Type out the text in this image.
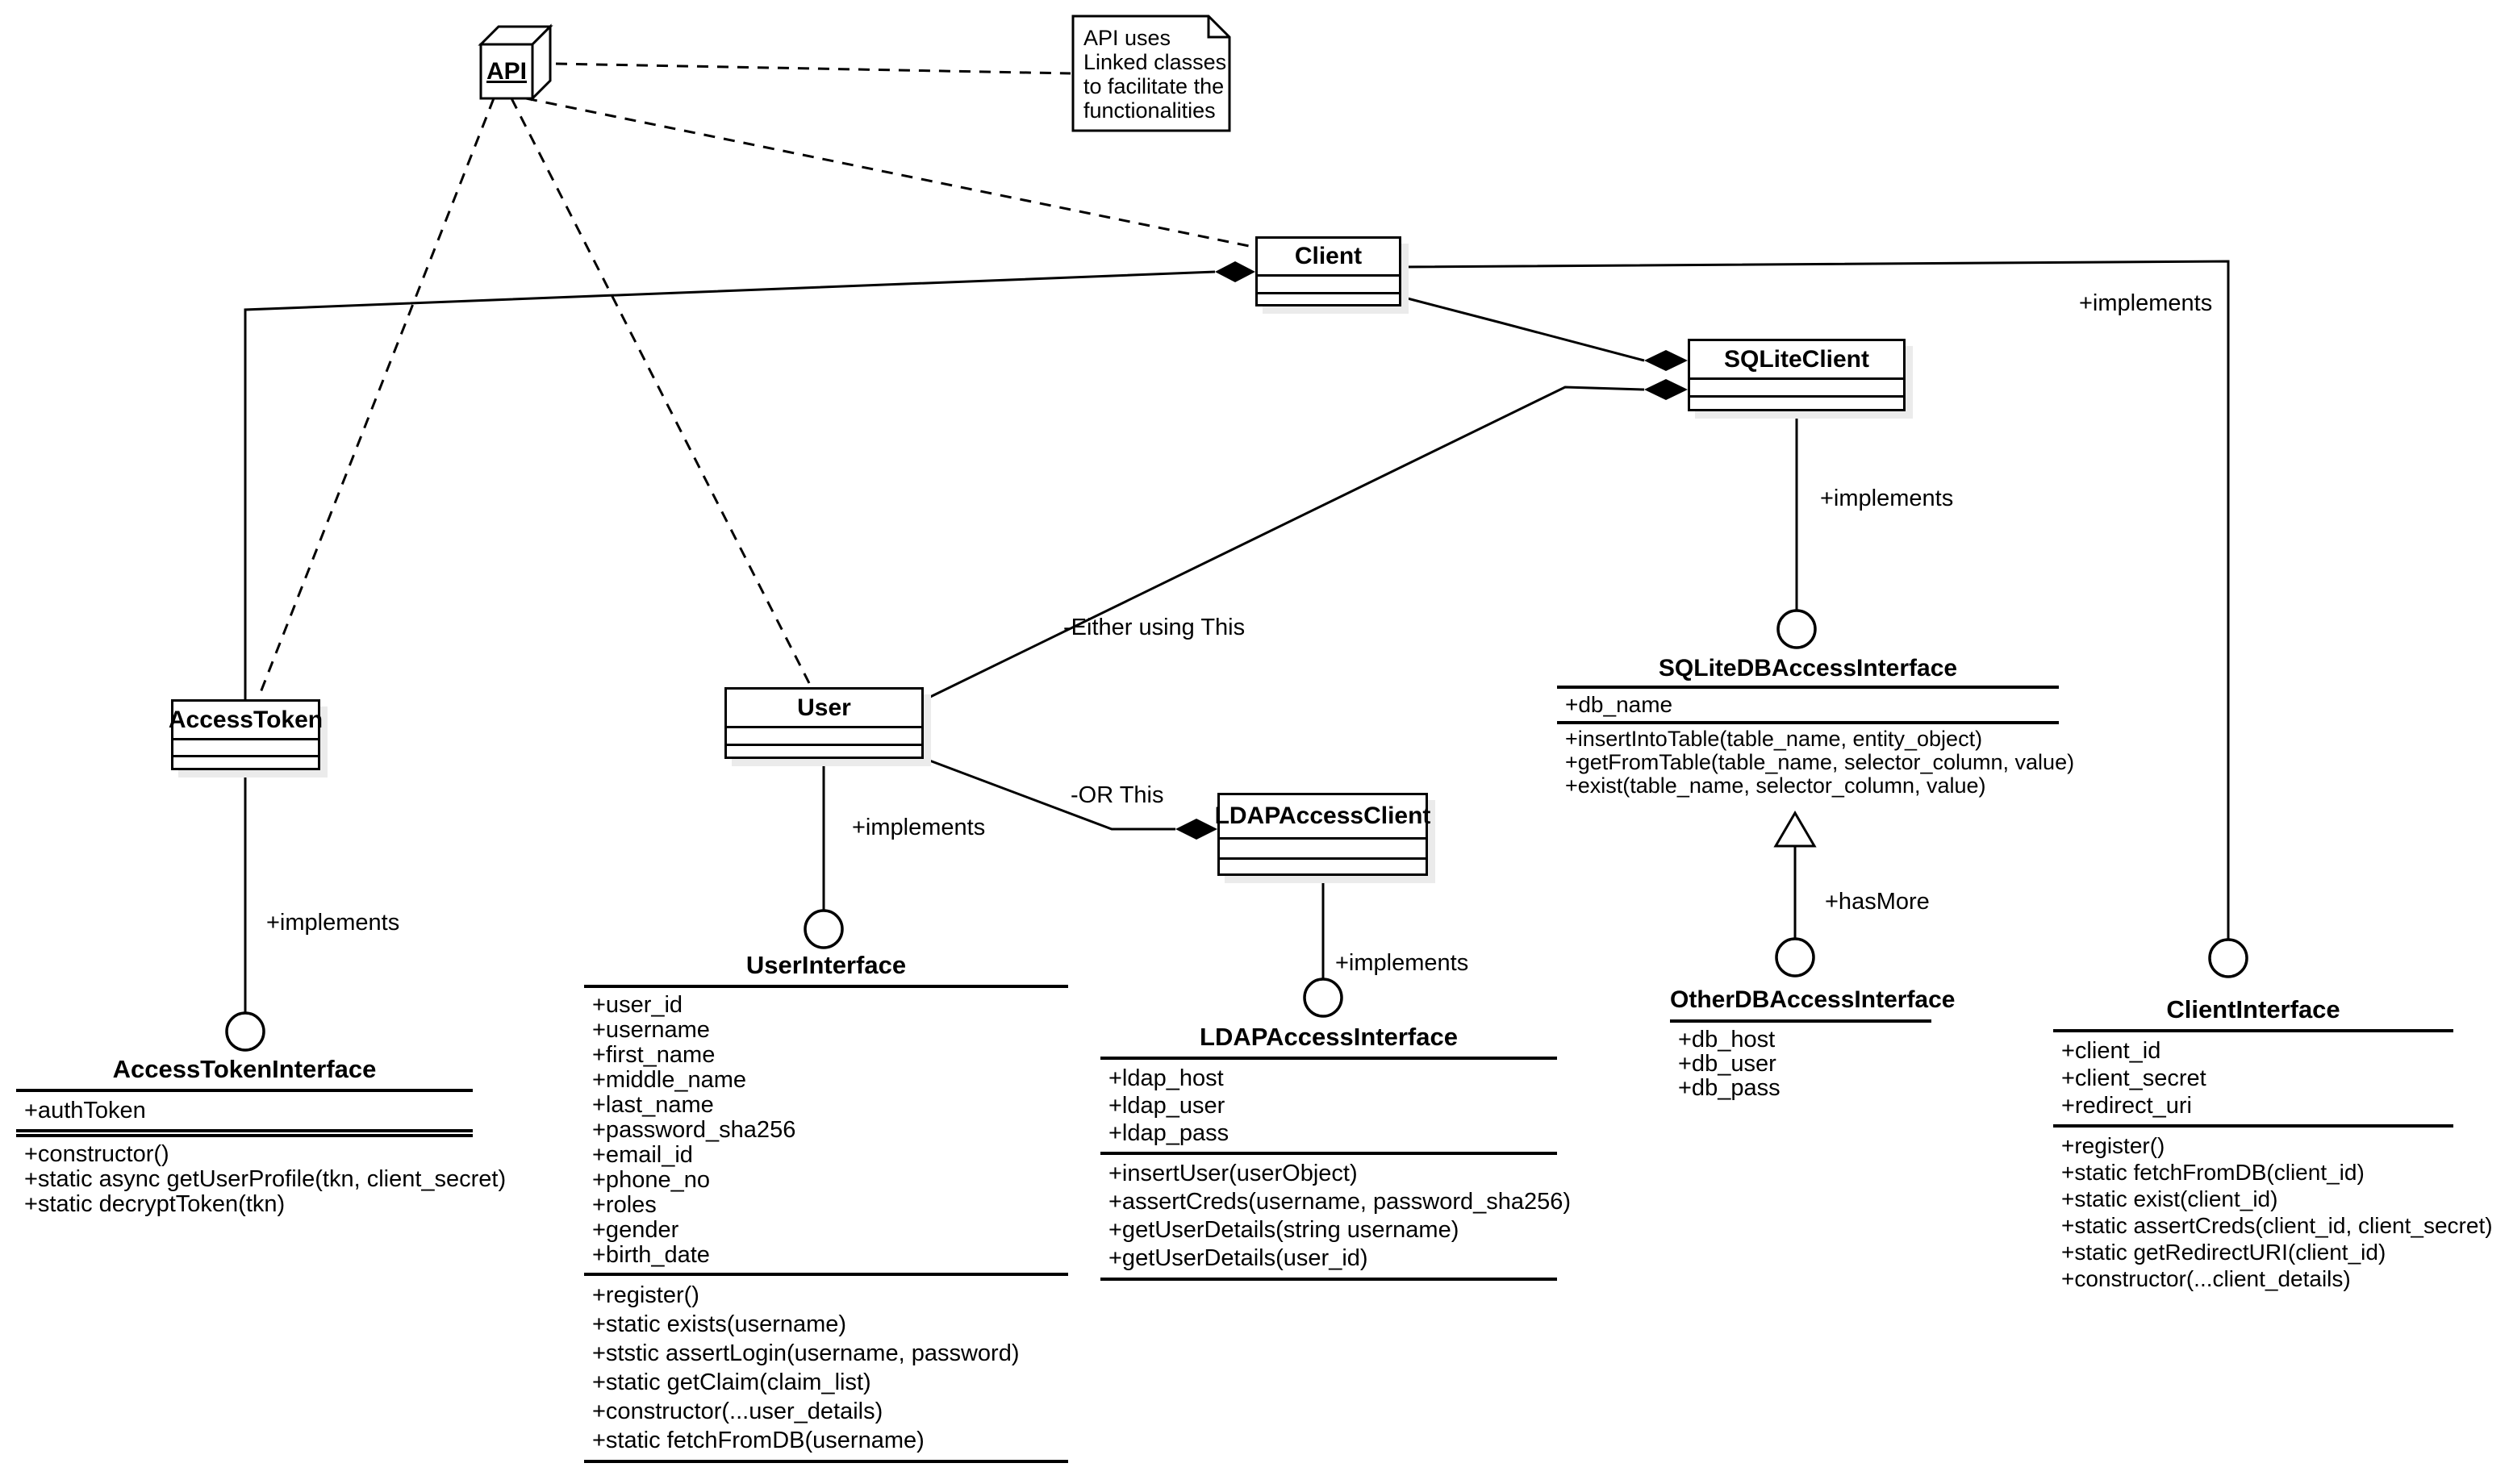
API
API uses
Linked classes
to facilitate the
functionalities
Client
SQLiteClient
AccessToken	User
LDAPAccessClient
AccessTokenInterface
+authToken
+constructor()
+static async getUserProfile(tkn, client_secret)
+static decryptToken(tkn)
UserInterface
+user_id
+username
+first_name
+middle_name
+last_name
+password_sha256
+email_id
+phone_no
+roles
+gender
+birth_date
+register()
+static exists(username)
+ststic assertLogin(username, password)
+static getClaim(claim_list)
+constructor(...user_details)
+static fetchFromDB(username)
LDAPAccessInterface
+ldap_host
+ldap_user
+ldap_pass
+insertUser(userObject)
+assertCreds(username, password_sha256)
+getUserDetails(string username)
+getUserDetails(user_id)
SQLiteDBAccessInterface
+db_name
+insertIntoTable(table_name, entity_object)
+getFromTable(table_name, selector_column, value)
+exist(table_name, selector_column, value)
OtherDBAccessInterface
+db_host
+db_user
+db_pass
ClientInterface
+client_id
+client_secret
+redirect_uri
+register()
+static fetchFromDB(client_id)
+static exist(client_id)
+static assertCreds(client_id, client_secret)
+static getRedirectURI(client_id)
+constructor(...client_details)
+implements
+implements
+implements
+implements
+implements
+hasMore
-Either using This
-OR This
